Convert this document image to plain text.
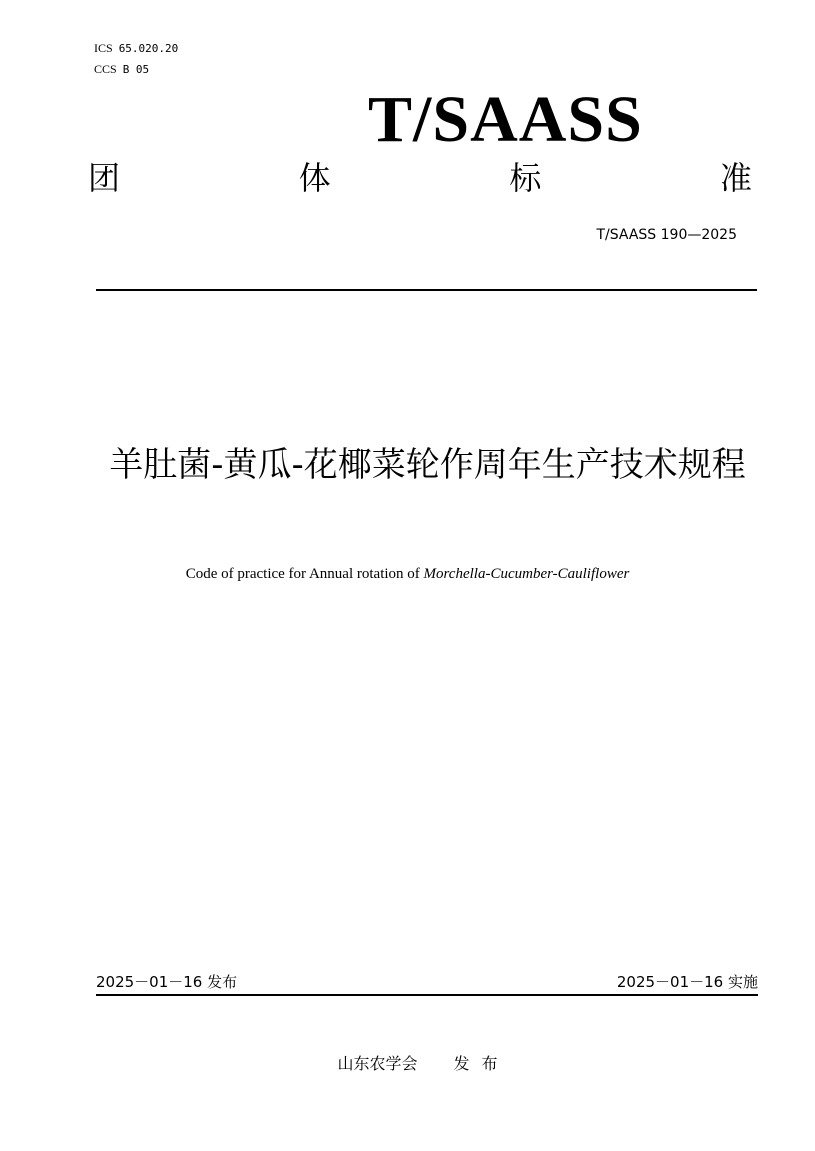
ICS 65.020.20
CCS B 05
T/SAASS
团	体	标	准
T/SAASS 190—2025
羊肚菌-黄瓜-花椰菜轮作周年生产技术规程
Code of practice for Annual rotation of Morchella-Cucumber-Cauliflower
2025－01－16 发布	2025－01－16 实施
山东农学会 发 布
